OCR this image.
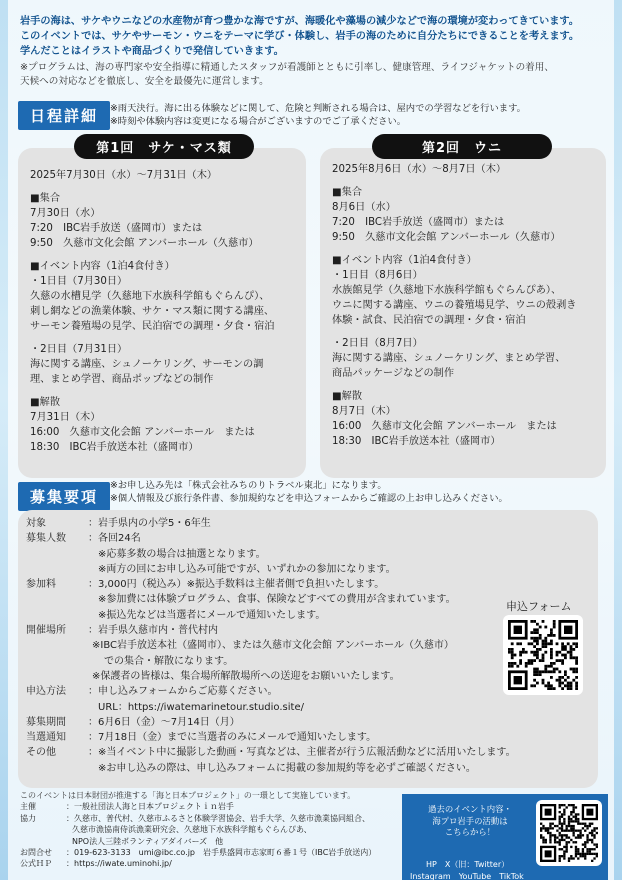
岩手の海は、サケやウニなどの水産物が育つ豊かな海ですが、海暖化や藻場の減少などで海の環境が変わってきています。
このイベントでは、サケやサーモン・ウニをテーマに学び・体験し、岩手の海のために自分たちにできることを考えます。
学んだことはイラストや商品づくりで発信していきます。
※プログラムは、海の専門家や安全指導に精通したスタッフが看護師とともに引率し、健康管理、ライフジャケットの着用、
天候への対応などを徹底し、安全を最優先に運営します。
日程詳細	※雨天決行。海に出る体験などに関して、危険と判断される場合は、屋内での学習などを行います。
※時刻や体験内容は変更になる場合がございますのでご了承ください。
2025年7月30日（水）〜7月31日（木）
■集合
7月30日（水）
7:20　IBC岩手放送（盛岡市）または
9:50　久慈市文化会館 アンバーホール（久慈市）
■イベント内容（1泊4食付き）
・1日目（7月30日）
久慈の水槽見学（久慈地下水族科学館もぐらんぴ）、
刺し網などの漁業体験、サケ・マス類に関する講座、
サーモン養殖場の見学、民泊宿での調理・夕食・宿泊
・2日目（7月31日）
海に関する講座、シュノーケリング、サーモンの調
理、まとめ学習、商品ポップなどの制作
■解散
7月31日（木）
16:00　久慈市文化会館 アンバーホール　または
18:30　IBC岩手放送本社（盛岡市）
第1回　サケ・マス類
2025年8月6日（水）〜8月7日（木）
■集合
8月6日（水）
7:20　IBC岩手放送（盛岡市）または
9:50　久慈市文化会館 アンバーホール（久慈市）
■イベント内容（1泊4食付き）
・1日目（8月6日）
水族館見学（久慈地下水族科学館もぐらんぴあ）、
ウニに関する講座、ウニの養殖場見学、ウニの殻剥き
体験・試食、民泊宿での調理・夕食・宿泊
・2日目（8月7日）
海に関する講座、シュノーケリング、まとめ学習、
商品パッケージなどの制作
■解散
8月7日（木）
16:00　久慈市文化会館 アンバーホール　または
18:30　IBC岩手放送本社（盛岡市）
第2回　ウニ
募集要項
※お申し込み先は「株式会社みちのりトラベル東北」になります。
※個人情報及び旅行条件書、参加規約などを申込フォームからご確認の上お申し込みください。
対象	：岩手県内の小学5・6年生
募集人数	：各回24名
※応募多数の場合は抽選となります。
※両方の回にお申し込み可能ですが、いずれかの参加になります。
参加料	：3,000円（税込み）※振込手数料は主催者側で負担いたします。
※参加費には体験プログラム、食事、保険などすべての費用が含まれています。
※振込先などは当選者にメールで通知いたします。
開催場所	：岩手県久慈市内・普代村内
※IBC岩手放送本社（盛岡市）、または久慈市文化会館 アンバーホール（久慈市）
での集合・解散になります。
※保護者の皆様は、集合場所解散場所への送迎をお願いいたします。
申込方法	：申し込みフォームからご応募ください。
URL：https://iwatemarinetour.studio.site/
募集期間	：6月6日（金）〜7月14日（月）
当選通知	：7月18日（金）までに当選者のみにメールで通知いたします。
その他	：※当イベント中に撮影した動画・写真などは、主催者が行う広報活動などに活用いたします。
※お申し込みの際は、申し込みフォームに掲載の参加規約等を必ずご確認ください。
申込フォーム
このイベントは日本財団が推進する「海と日本プロジェクト」の一環として実施しています。
主催	：一般社団法人海と日本プロジェクトｉｎ岩手
協力	：久慈市、普代村、久慈市ふるさと体験学習協会、岩手大学、久慈市漁業協同組合、
久慈市漁協南侍浜漁業研究会、久慈地下水族科学館もぐらんぴあ、
NPO法人三陸ボランティアダイバーズ　他
お問合せ	：019-623-3133　umi@ibc.co.jp　岩手県盛岡市志家町６番１号（IBC岩手放送内）
公式ＨＰ	：https://iwate.uminohi.jp/
過去のイベント内容・
海プロ岩手の活動は
こちらから！
HP　X（旧：Twitter）
Instagram　YouTube　TikTok
